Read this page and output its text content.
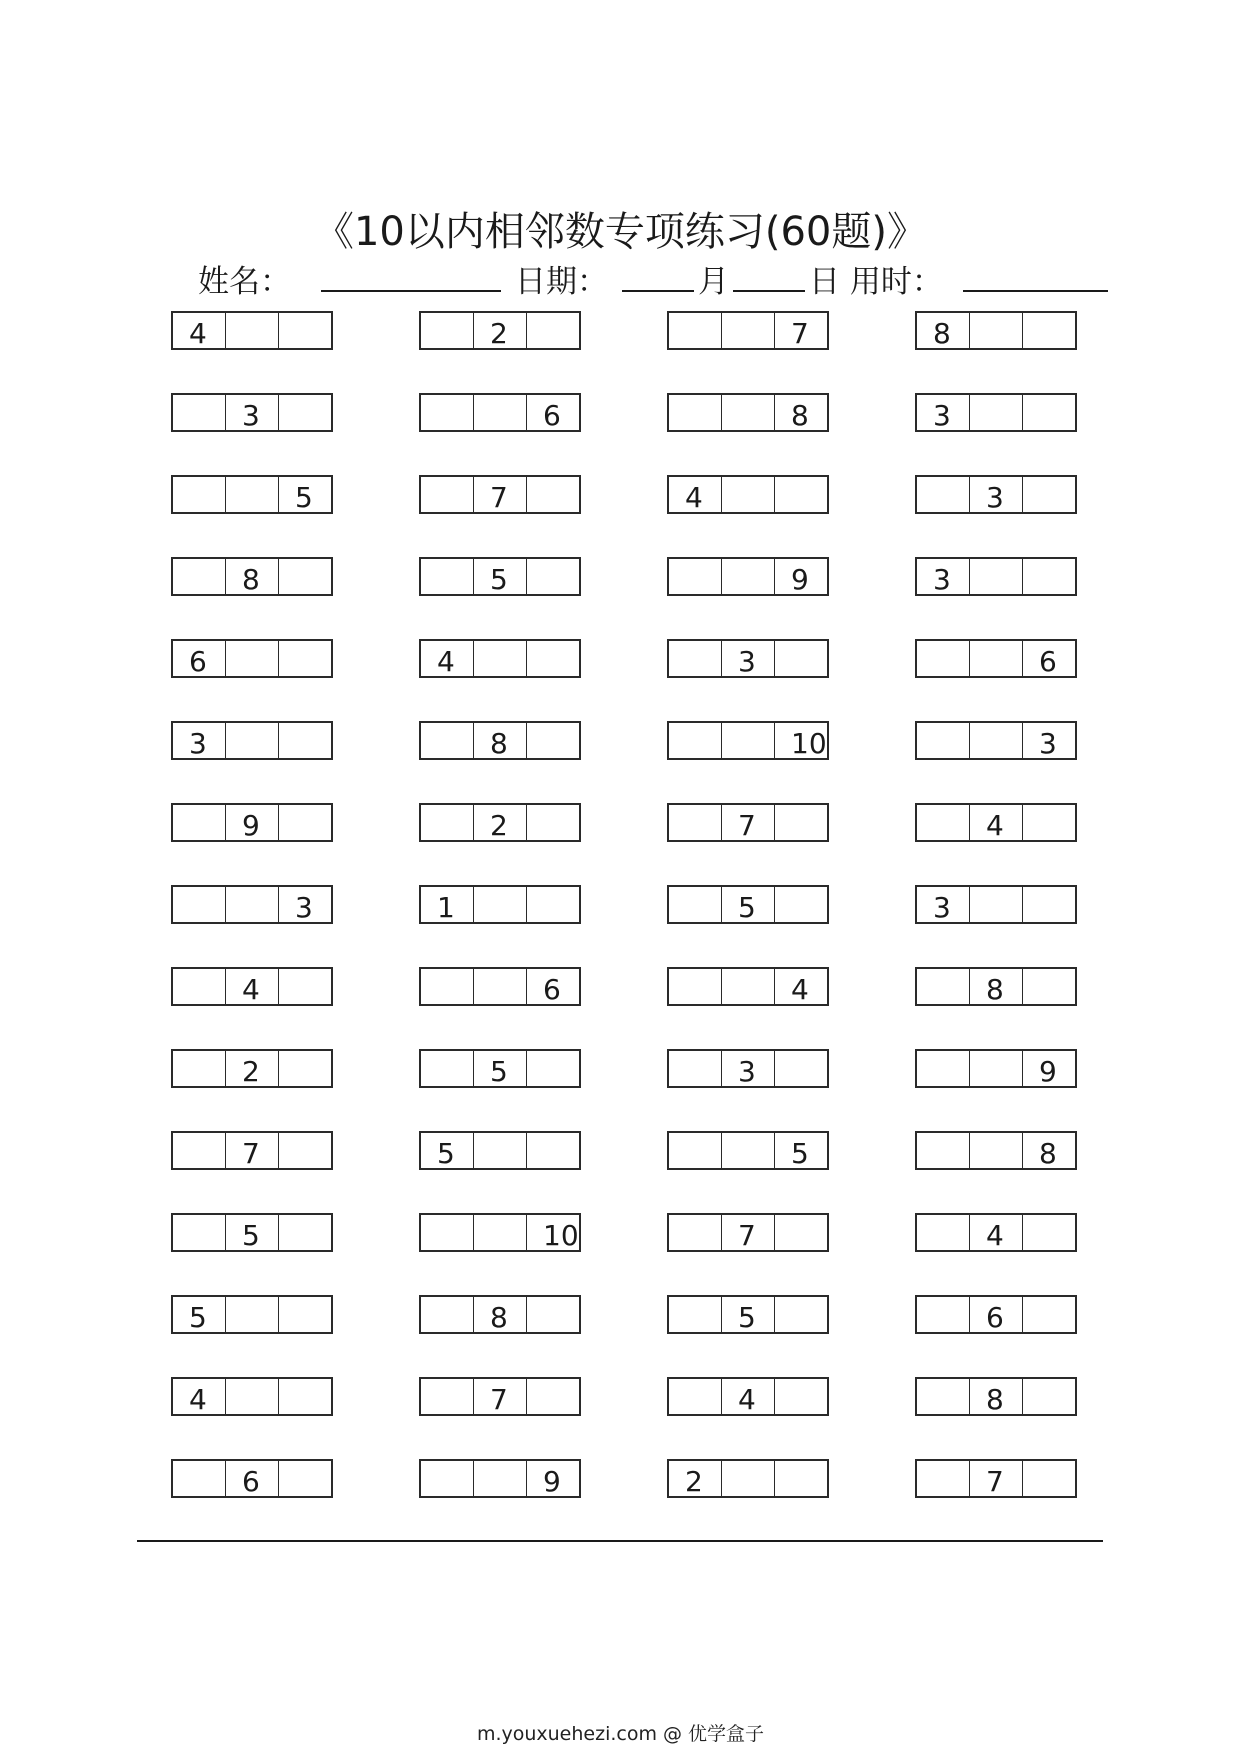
《10以内相邻数专项练习(60题)》
姓名：	日期：	月	日 用时：
4	2	7	8
3	6	8	3
5	7	4	3
8	5	9	3
6	4	3	6
3	8	10	3
9	2	7	4
3	1	5	3
4	6	4	8
2	5	3	9
7	5	5	8
5	10	7	4
5	8	5	6
4	7	4	8
6	9	2	7
m.youxuehezi.com @ 优学盒子
